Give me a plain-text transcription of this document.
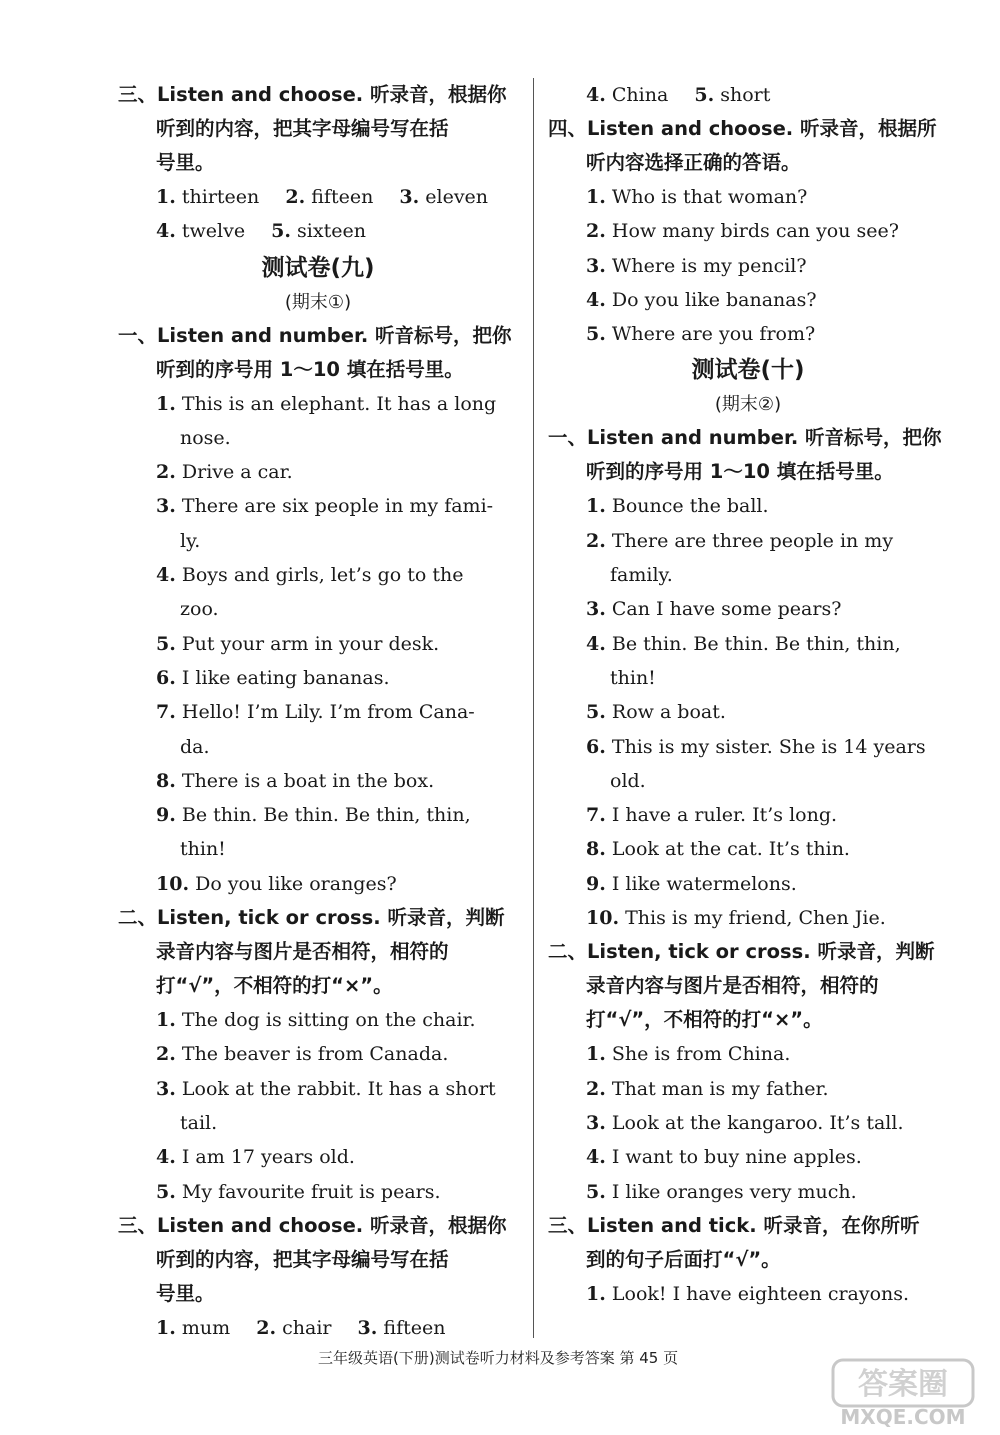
三、Listen and choose. 听录音，根据你
听到的内容，把其字母编号写在括
号里。

1. thirteen 2. fifteen 3. eleven

4. twelve 5. sixteen

测试卷(九)

(期末①)

一、Listen and number. 听音标号，把你
听到的序号用 1～10 填在括号里。

1. This is an elephant. It has a long
nose.

2. Drive a car.

3. There are six people in my fami-
ly.

4. Boys and girls, let’s go to the
zoo.

5. Put your arm in your desk.

6. I like eating bananas.

7. Hello! I’m Lily. I’m from Cana-
da.

8. There is a boat in the box.

9. Be thin. Be thin. Be thin, thin,
thin!

10. Do you like oranges?

二、Listen, tick or cross. 听录音，判断
录音内容与图片是否相符，相符的
打“√”，不相符的打“×”。

1. The dog is sitting on the chair.

2. The beaver is from Canada.

3. Look at the rabbit. It has a short
tail.

4. I am 17 years old.

5. My favourite fruit is pears.

三、Listen and choose. 听录音，根据你
听到的内容，把其字母编号写在括
号里。

1. mum 2. chair 3. fifteen

4. China 5. short

四、Listen and choose. 听录音，根据所
听内容选择正确的答语。

1. Who is that woman?

2. How many birds can you see?

3. Where is my pencil?

4. Do you like bananas?

5. Where are you from?

测试卷(十)

(期末②)

一、Listen and number. 听音标号，把你
听到的序号用 1～10 填在括号里。

1. Bounce the ball.

2. There are three people in my
family.

3. Can I have some pears?

4. Be thin. Be thin. Be thin, thin,
thin!

5. Row a boat.

6. This is my sister. She is 14 years
old.

7. I have a ruler. It’s long.

8. Look at the cat. It’s thin.

9. I like watermelons.

10. This is my friend, Chen Jie.

二、Listen, tick or cross. 听录音，判断
录音内容与图片是否相符，相符的
打“√”，不相符的打“×”。

1. She is from China.

2. That man is my father.

3. Look at the kangaroo. It’s tall.

4. I want to buy nine apples.

5. I like oranges very much.

三、Listen and tick. 听录音，在你所听
到的句子后面打“√”。

1. Look! I have eighteen crayons.

三年级英语(下册)测试卷听力材料及参考答案 第 45 页
答案圈
MXQE.COM
